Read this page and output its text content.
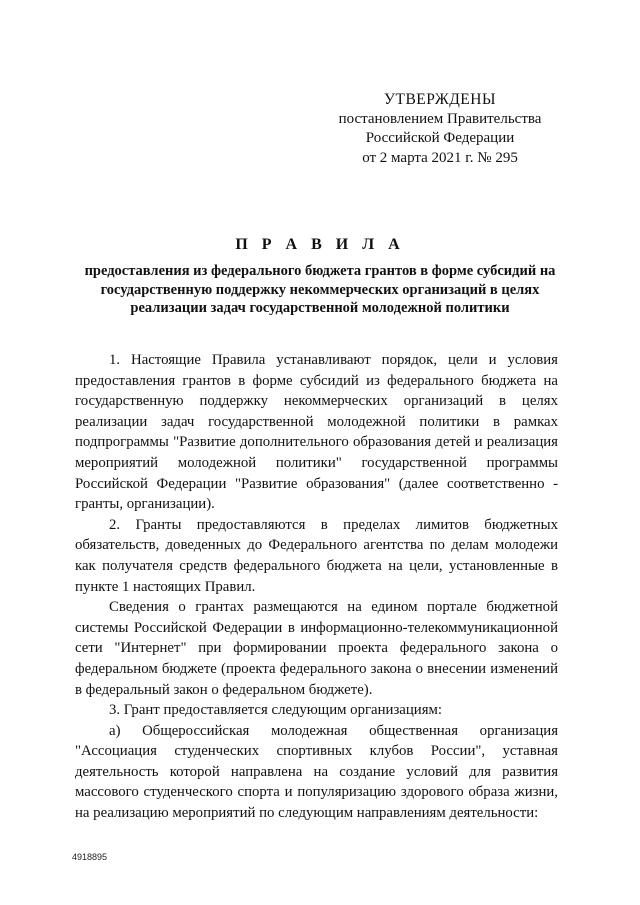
УТВЕРЖДЕНЫ
постановлением Правительства
Российской Федерации
от 2 марта 2021 г. № 295
П Р А В И Л А
предоставления из федерального бюджета грантов в форме субсидий на государственную поддержку некоммерческих организаций в целях реализации задач государственной молодежной политики

1. Настоящие Правила устанавливают порядок, цели и условия предоставления грантов в форме субсидий из федерального бюджета на государственную поддержку некоммерческих организаций в целях реализации задач государственной молодежной политики в рамках подпрограммы "Развитие дополнительного образования детей и реализация мероприятий молодежной политики" государственной программы Российской Федерации "Развитие образования" (далее соответственно - гранты, организации).

2. Гранты предоставляются в пределах лимитов бюджетных обязательств, доведенных до Федерального агентства по делам молодежи как получателя средств федерального бюджета на цели, установленные в пункте 1 настоящих Правил.

Сведения о грантах размещаются на едином портале бюджетной системы Российской Федерации в информационно-телекоммуникационной сети "Интернет" при формировании проекта федерального закона о федеральном бюджете (проекта федерального закона о внесении изменений в федеральный закон о федеральном бюджете).

3. Грант предоставляется следующим организациям:

а) Общероссийская молодежная общественная организация "Ассоциация студенческих спортивных клубов России", уставная деятельность которой направлена на создание условий для развития массового студенческого спорта и популяризацию здорового образа жизни, на реализацию мероприятий по следующим направлениям деятельности:

4918895
